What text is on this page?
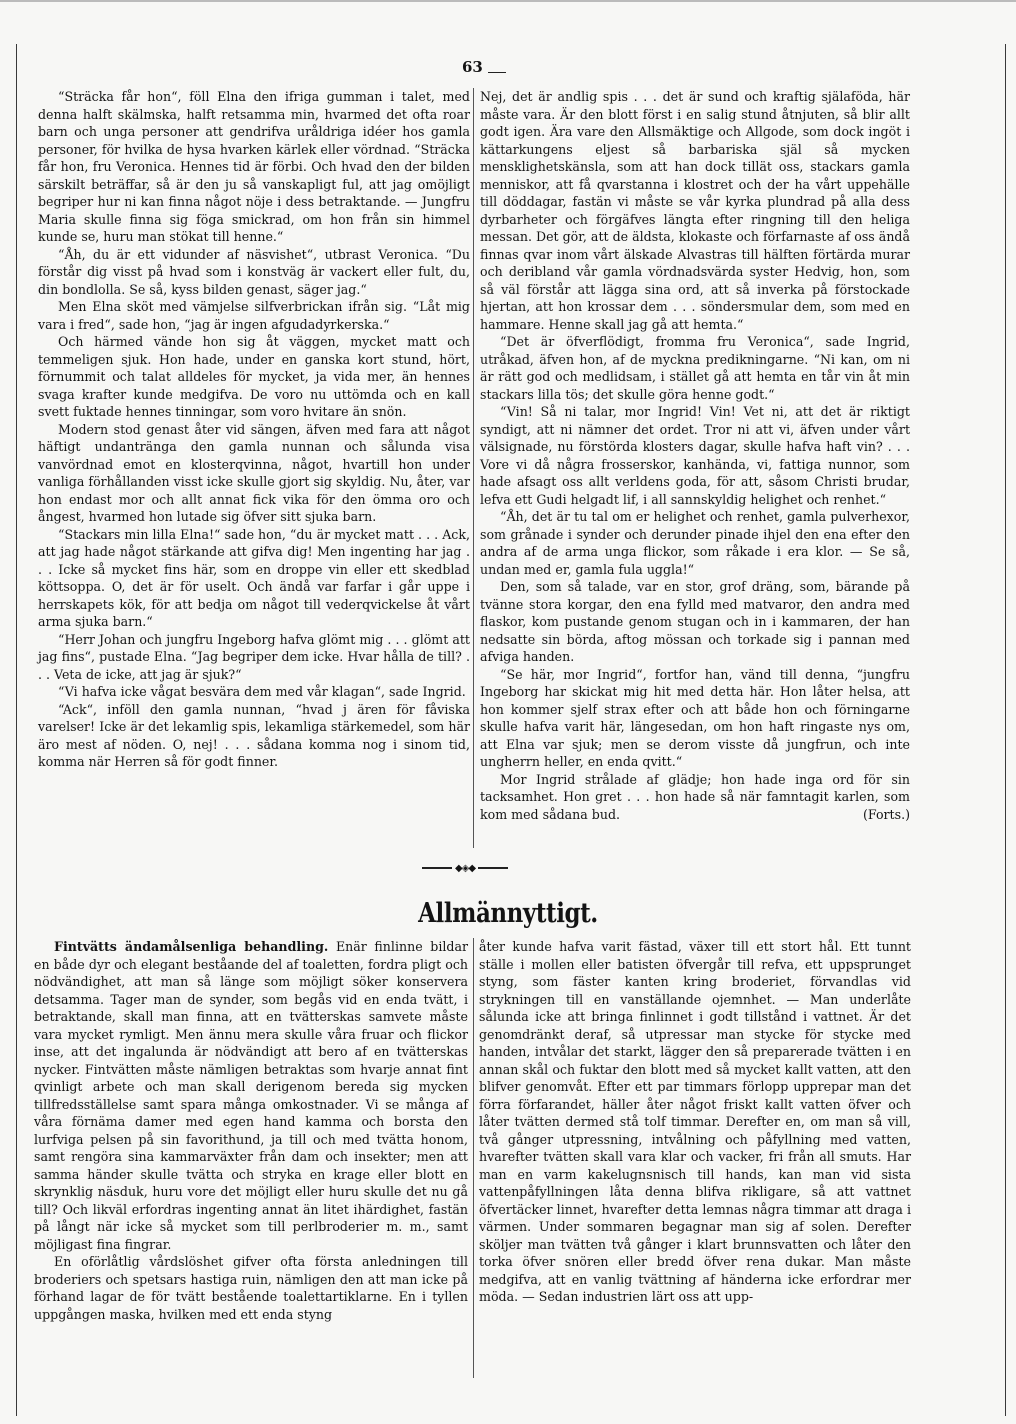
63

“Sträcka får hon“, föll Elna den ifriga gumman i talet, med denna halft skälmska, halft retsamma min, hvarmed det ofta roar barn och unga personer att gendrifva uråldriga idéer hos gamla personer, för hvilka de hysa hvarken kärlek eller vördnad. “Sträcka får hon, fru Veronica. Hennes tid är förbi. Och hvad den der bilden särskilt beträffar, så är den ju så vanskapligt ful, att jag omöjligt begriper hur ni kan finna något nöje i dess betraktande. — Jungfru Maria skulle finna sig föga smickrad, om hon från sin himmel kunde se, huru man stökat till henne.“

“Åh, du är ett vidunder af näsvishet“, utbrast Veronica. “Du förstår dig visst på hvad som i konstväg är vackert eller fult, du, din bondlolla. Se så, kyss bilden genast, säger jag.“

Men Elna sköt med vämjelse silfverbrickan ifrån sig. “Låt mig vara i fred“, sade hon, “jag är ingen afgudadyrkerska.“

Och härmed vände hon sig åt väggen, mycket matt och temmeligen sjuk. Hon hade, under en ganska kort stund, hört, förnummit och talat alldeles för mycket, ja vida mer, än hennes svaga krafter kunde medgifva. De voro nu uttömda och en kall svett fuktade hennes tinningar, som voro hvitare än snön.

Modern stod genast åter vid sängen, äfven med fara att något häftigt undantränga den gamla nunnan och sålunda visa vanvördnad emot en klosterqvinna, något, hvartill hon under vanliga förhållanden visst icke skulle gjort sig skyldig. Nu, åter, var hon endast mor och allt annat fick vika för den ömma oro och ångest, hvarmed hon lutade sig öfver sitt sjuka barn.

“Stackars min lilla Elna!“ sade hon, “du är mycket matt . . . Ack, att jag hade något stärkande att gifva dig! Men ingenting har jag . . . Icke så mycket fins här, som en droppe vin eller ett skedblad köttsoppa. O, det är för uselt. Och ändå var farfar i går uppe i herrskapets kök, för att bedja om något till vederqvickelse åt vårt arma sjuka barn.“

“Herr Johan och jungfru Ingeborg hafva glömt mig . . . glömt att jag fins“, pustade Elna. “Jag begriper dem icke. Hvar hålla de till? . . . Veta de icke, att jag är sjuk?“

“Vi hafva icke vågat besvära dem med vår klagan“, sade Ingrid.

“Ack“, inföll den gamla nunnan, “hvad j ären för fåviska varelser! Icke är det lekamlig spis, lekamliga stärkemedel, som här äro mest af nöden. O, nej! . . . sådana komma nog i sinom tid, komma när Herren så för godt finner.

Nej, det är andlig spis . . . det är sund och kraftig själaföda, här måste vara. Är den blott först i en salig stund åtnjuten, så blir allt godt igen. Ära vare den Allsmäktige och Allgode, som dock ingöt i kättarkungens eljest så barbariska själ så mycken mensklighetskänsla, som att han dock tillät oss, stackars gamla menniskor, att få qvarstanna i klostret och der ha vårt uppehälle till döddagar, fastän vi måste se vår kyrka plundrad på alla dess dyrbarheter och förgäfves längta efter ringning till den heliga messan. Det gör, att de äldsta, klokaste och förfarnaste af oss ändå finnas qvar inom vårt älskade Alvastras till hälften förtärda murar och deribland vår gamla vördnadsvärda syster Hedvig, hon, som så väl förstår att lägga sina ord, att så inverka på förstockade hjertan, att hon krossar dem . . . söndersmular dem, som med en hammare. Henne skall jag gå att hemta.“

“Det är öfverflödigt, fromma fru Veronica“, sade Ingrid, utråkad, äfven hon, af de myckna predikningarne. “Ni kan, om ni är rätt god och medlidsam, i stället gå att hemta en tår vin åt min stackars lilla tös; det skulle göra henne godt.“

“Vin! Så ni talar, mor Ingrid! Vin! Vet ni, att det är riktigt syndigt, att ni nämner det ordet. Tror ni att vi, äfven under vårt välsignade, nu förstörda klosters dagar, skulle hafva haft vin? . . . Vore vi då några frosserskor, kanhända, vi, fattiga nunnor, som hade afsagt oss allt verldens goda, för att, såsom Christi brudar, lefva ett Gudi helgadt lif, i all sannskyldig helighet och renhet.“

“Åh, det är tu tal om er helighet och renhet, gamla pulverhexor, som grånade i synder och derunder pinade ihjel den ena efter den andra af de arma unga flickor, som råkade i era klor. — Se så, undan med er, gamla fula uggla!“

Den, som så talade, var en stor, grof dräng, som, bärande på tvänne stora korgar, den ena fylld med matvaror, den andra med flaskor, kom pustande genom stugan och in i kammaren, der han nedsatte sin börda, aftog mössan och torkade sig i pannan med afviga handen.

“Se här, mor Ingrid“, fortfor han, vänd till denna, “jungfru Ingeborg har skickat mig hit med detta här. Hon låter helsa, att hon kommer sjelf strax efter och att både hon och förningarne skulle hafva varit här, längesedan, om hon haft ringaste nys om, att Elna var sjuk; men se derom visste då jungfrun, och inte ungherrn heller, en enda qvitt.“

Mor Ingrid strålade af glädje; hon hade inga ord för sin tacksamhet. Hon gret . . . hon hade så när famntagit karlen, som kom med sådana bud.	(Forts.)

◆◈◆
Allmännyttigt.

Fintvätts ändamålsenliga behandling. Enär finlinne bildar en både dyr och elegant beståande del af toaletten, fordra pligt och nödvändighet, att man så länge som möjligt söker konservera detsamma. Tager man de synder, som begås vid en enda tvätt, i betraktande, skall man finna, att en tvätterskas samvete måste vara mycket rymligt. Men ännu mera skulle våra fruar och flickor inse, att det ingalunda är nödvändigt att bero af en tvätterskas nycker. Fintvätten måste nämligen betraktas som hvarje annat fint qvinligt arbete och man skall derigenom bereda sig mycken tillfredsställelse samt spara många omkostnader. Vi se många af våra förnäma damer med egen hand kamma och borsta den lurfviga pelsen på sin favorithund, ja till och med tvätta honom, samt rengöra sina kammarväxter från dam och insekter; men att samma händer skulle tvätta och stryka en krage eller blott en skrynklig näsduk, huru vore det möjligt eller huru skulle det nu gå till? Och likväl erfordras ingenting annat än litet ihärdighet, fastän på långt när icke så mycket som till perlbroderier m. m., samt möjligast fina fingrar.

En oförlåtlig vårdslöshet gifver ofta första anledningen till broderiers och spetsars hastiga ruin, nämligen den att man icke på förhand lagar de för tvätt bestående toalettartiklarne. En i tyllen uppgången maska, hvilken med ett enda styng

åter kunde hafva varit fästad, växer till ett stort hål. Ett tunnt ställe i mollen eller batisten öfvergår till refva, ett uppsprunget styng, som fäster kanten kring broderiet, förvandlas vid strykningen till en vanställande ojemnhet. — Man underlåte sålunda icke att bringa finlinnet i godt tillstånd i vattnet. Är det genomdränkt deraf, så utpressar man stycke för stycke med handen, intvålar det starkt, lägger den så preparerade tvätten i en annan skål och fuktar den blott med så mycket kallt vatten, att den blifver genomvåt. Efter ett par timmars förlopp upprepar man det förra förfarandet, häller åter något friskt kallt vatten öfver och låter tvätten dermed stå tolf timmar. Derefter en, om man så vill, två gånger utpressning, intvålning och påfyllning med vatten, hvarefter tvätten skall vara klar och vacker, fri från all smuts. Har man en varm kakelugnsnisch till hands, kan man vid sista vattenpåfyllningen låta denna blifva rikligare, så att vattnet öfvertäcker linnet, hvarefter detta lemnas några timmar att draga i värmen. Under sommaren begagnar man sig af solen. Derefter sköljer man tvätten två gånger i klart brunnsvatten och låter den torka öfver snören eller bredd öfver rena dukar. Man måste medgifva, att en vanlig tvättning af händerna icke erfordrar mer möda. — Sedan industrien lärt oss att upp-
